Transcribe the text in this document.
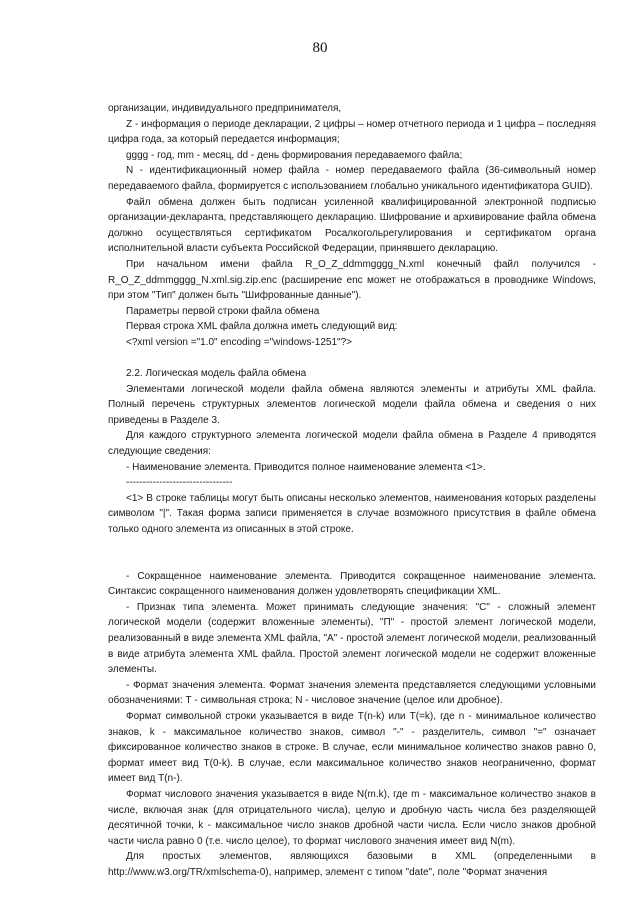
80

организации, индивидуального предпринимателя,

Z - информация о периоде декларации, 2 цифры – номер отчетного периода и 1 цифра – последняя цифра года, за который передается информация;

gggg - год, mm - месяц, dd - день формирования передаваемого файла;

N - идентификационный номер файла - номер передаваемого файла (36-символьный номер передаваемого файла, формируется с использованием глобально уникального идентификатора GUID).

Файл обмена должен быть подписан усиленной квалифицированной электронной подписью организации-декларанта, представляющего декларацию. Шифрование и архивирование файла обмена должно осуществляться сертификатом Росалкогольрегулирования и сертификатом органа исполнительной власти субъекта Российской Федерации, принявшего декларацию.

При начальном имени файла R_O_Z_ddmmgggg_N.xml конечный файл получился - R_O_Z_ddmmgggg_N.xml.sig.zip.enc (расширение enc может не отображаться в проводнике Windows, при этом "Тип" должен быть "Шифрованные данные").

Параметры первой строки файла обмена

Первая строка XML файла должна иметь следующий вид:

<?xml version ="1.0" encoding ="windows-1251"?>

2.2. Логическая модель файла обмена

Элементами логической модели файла обмена являются элементы и атрибуты XML файла. Полный перечень структурных элементов логической модели файла обмена и сведения о них приведены в Разделе 3.

Для каждого структурного элемента логической модели файла обмена в Разделе 4 приводятся следующие сведения:

- Наименование элемента. Приводится полное наименование элемента <1>.

--------------------------------

<1> В строке таблицы могут быть описаны несколько элементов, наименования которых разделены символом "|". Такая форма записи применяется в случае возможного присутствия в файле обмена только одного элемента из описанных в этой строке.

- Сокращенное наименование элемента. Приводится сокращенное наименование элемента. Синтаксис сокращенного наименования должен удовлетворять спецификации XML.

- Признак типа элемента. Может принимать следующие значения: "С" - сложный элемент логической модели (содержит вложенные элементы), "П" - простой элемент логической модели, реализованный в виде элемента XML файла, "А" - простой элемент логической модели, реализованный в виде атрибута элемента XML файла. Простой элемент логической модели не содержит вложенные элементы.

- Формат значения элемента. Формат значения элемента представляется следующими условными обозначениями: Т - символьная строка; N - числовое значение (целое или дробное).

Формат символьной строки указывается в виде Т(n-k) или Т(=k), где n - минимальное количество знаков, k - максимальное количество знаков, символ "-" - разделитель, символ "=" означает фиксированное количество знаков в строке. В случае, если минимальное количество знаков равно 0, формат имеет вид Т(0-k). В случае, если максимальное количество знаков неограниченно, формат имеет вид Т(n-).

Формат числового значения указывается в виде N(m.k), где m - максимальное количество знаков в числе, включая знак (для отрицательного числа), целую и дробную часть числа без разделяющей десятичной точки, k - максимальное число знаков дробной части числа. Если число знаков дробной части числа равно 0 (т.е. число целое), то формат числового значения имеет вид N(m).

Для простых элементов, являющихся базовыми в XML (определенными в http://www.w3.org/TR/xmlschema-0), например, элемент с типом "date", поле "Формат значения
